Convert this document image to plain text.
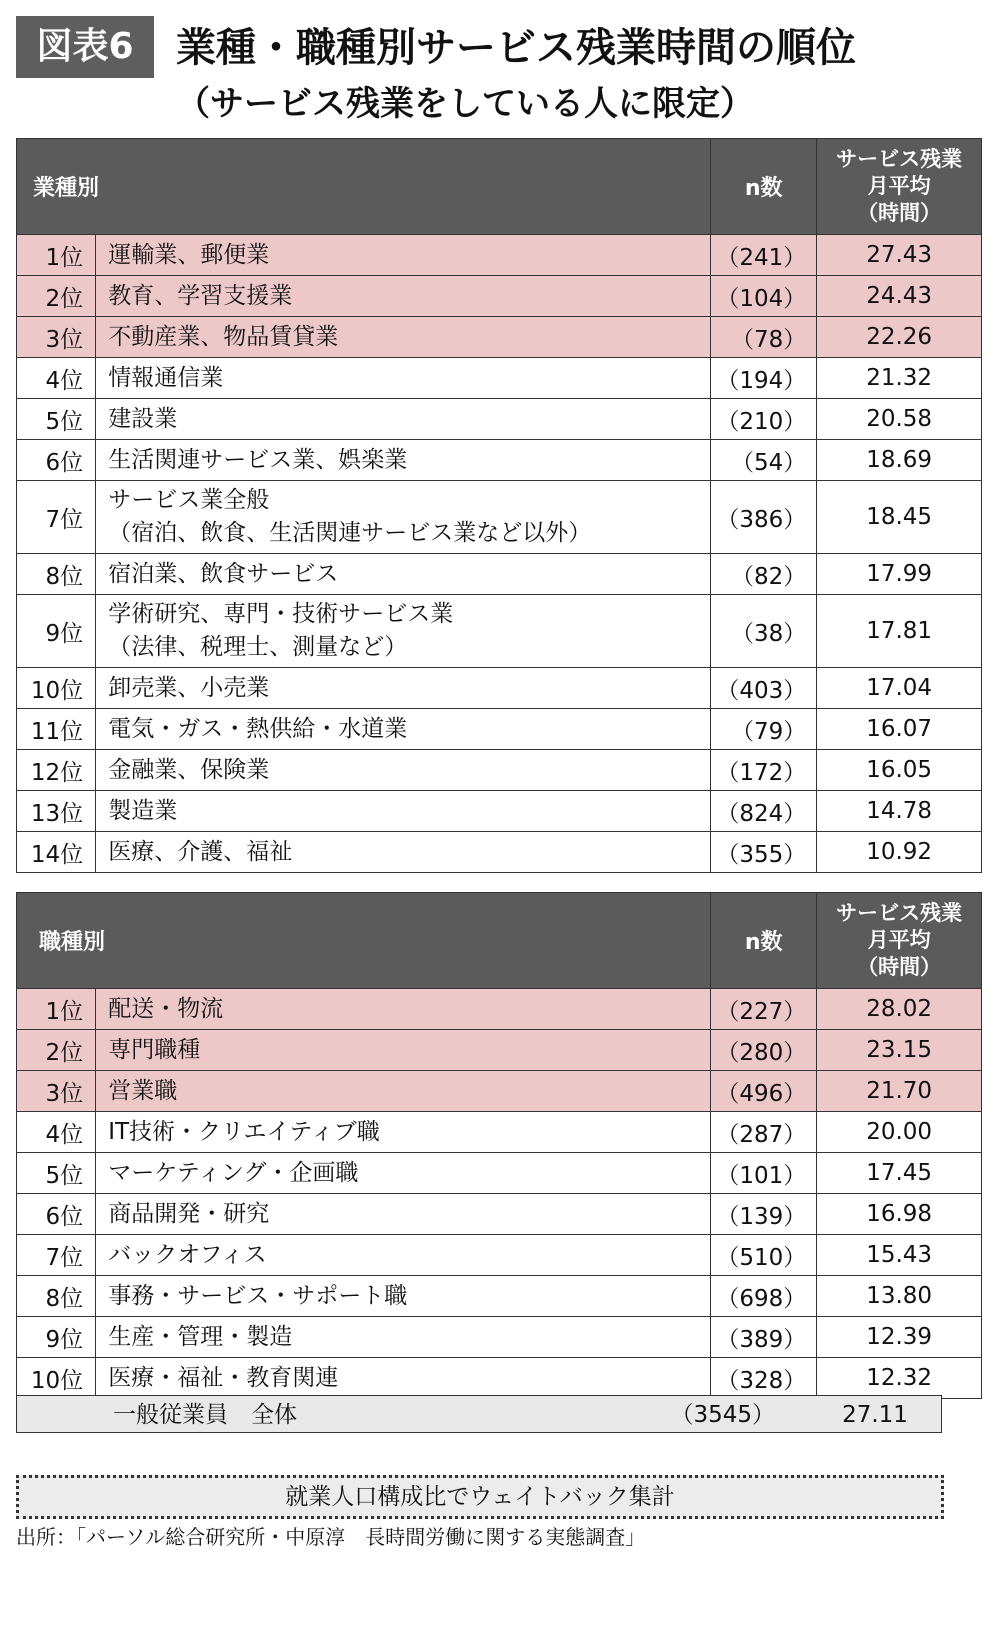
図表6	業種・職種別サービス残業時間の順位
（サービス残業をしている人に限定）
業種別		n数	サービス残業
月平均
（時間）
1位	運輸業、郵便業	（241）	27.43
2位	教育、学習支援業	（104）	24.43
3位	不動産業、物品賃貸業	（78）	22.26
4位	情報通信業	（194）	21.32
5位	建設業	（210）	20.58
6位	生活関連サービス業、娯楽業	（54）	18.69
7位	サービス業全般
（宿泊、飲食、生活関連サービス業など以外）	（386）	18.45
8位	宿泊業、飲食サービス	（82）	17.99
9位	学術研究、専門・技術サービス業
（法律、税理士、測量など）	（38）	17.81
10位	卸売業、小売業	（403）	17.04
11位	電気・ガス・熱供給・水道業	（79）	16.07
12位	金融業、保険業	（172）	16.05
13位	製造業	（824）	14.78
14位	医療、介護、福祉	（355）	10.92
職種別		n数	サービス残業
月平均
（時間）
1位	配送・物流	（227）	28.02
2位	専門職種	（280）	23.15
3位	営業職	（496）	21.70
4位	IT技術・クリエイティブ職	（287）	20.00
5位	マーケティング・企画職	（101）	17.45
6位	商品開発・研究	（139）	16.98
7位	バックオフィス	（510）	15.43
8位	事務・サービス・サポート職	（698）	13.80
9位	生産・管理・製造	（389）	12.39
10位	医療・福祉・教育関連	（328）	12.32
一般従業員　全体	（3545）	27.11
就業人口構成比でウェイトバック集計
出所：「パーソル総合研究所・中原淳　長時間労働に関する実態調査」
